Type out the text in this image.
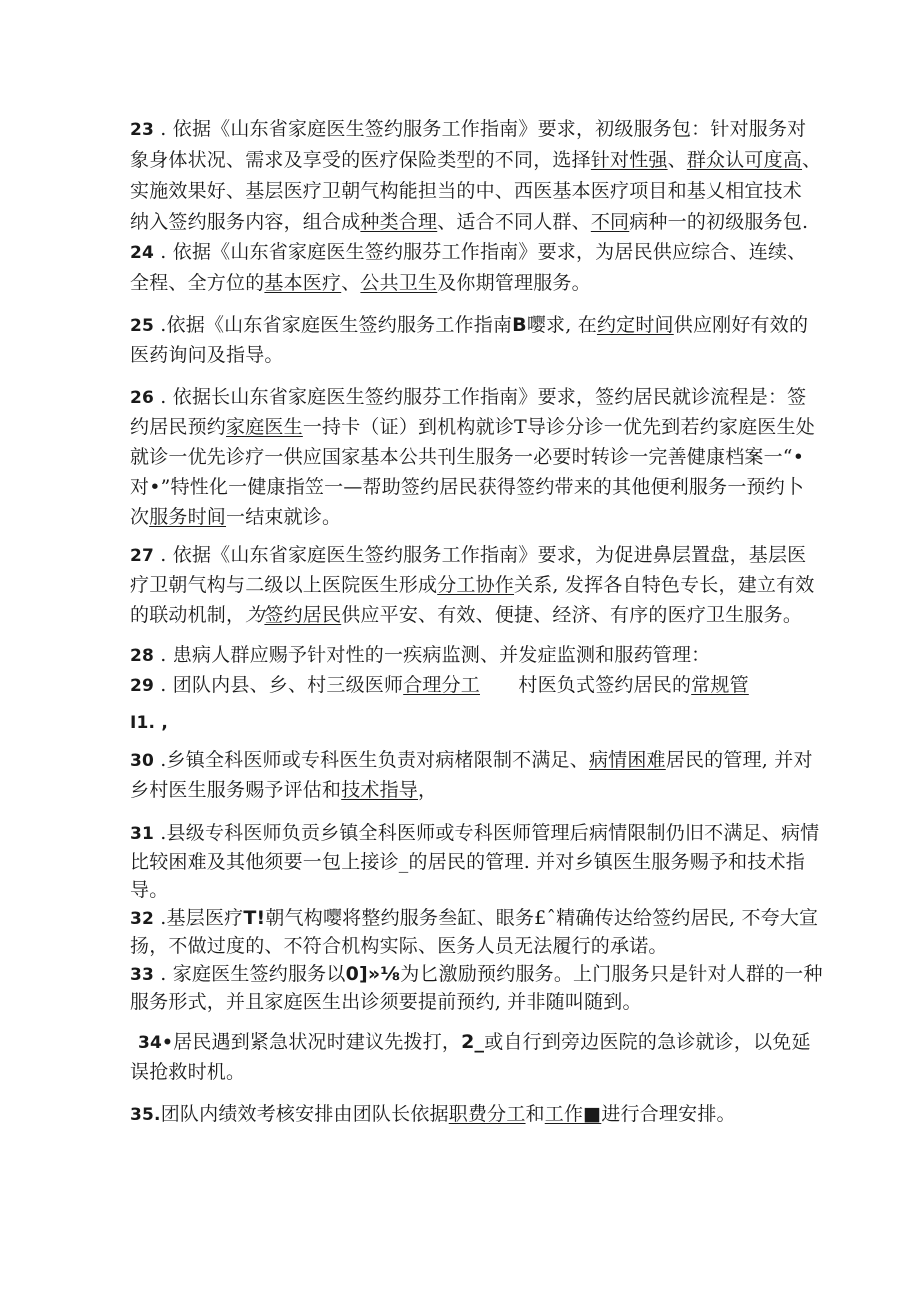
23 . 依据《山东省家庭医生签约服务工作指南》要求，初级服务包：针对服务对
象身体状况、需求及享受的医疗保险类型的不同，选择针对性强、群众认可度高、
实施效果好、基层医疗卫朝气构能担当的中、西医基本医疗项目和基乂相宜技术
纳入签约服务内容，组合成种类合理、适合不同人群、不同病种一的初级服务包.
24 . 依据《山东省家庭医生签约服芬工作指南》要求，为居民供应综合、连续、
全程、全方位的基本医疗、公共卫生及你期管理服务。
25 .依据《山东省家庭医生签约服务工作指南B嘤求, 在约定时间供应刚好有效的
医药询问及指导。
26 . 依据长山东省家庭医生签约服芬工作指南》要求，签约居民就诊流程是：签
约居民预约家庭医生一持卡（证）到机构就诊T导诊分诊一优先到若约家庭医生处
就诊一优先诊疗一供应国家基本公共刊生服务一必要时转诊一完善健康档案一“•
对•”特性化一健康指笠一—帮助签约居民获得签约带来的其他便利服务一预约卜
次服务时间一结束就诊。
27 . 依据《山东省家庭医生签约服务工作指南》要求，为促进鼻层置盘，基层医
疗卫朝气构与二级以上医院医生形成分工协作关系, 发挥各自特色专长，建立有效
的联动机制，为签约居民供应平安、有效、便捷、经济、有序的医疗卫生服务。
28 . 患病人群应赐予针对性的一疾病监测、并发症监测和服药管理：
29 . 团队内县、乡、村三级医师合理分工　　村医负式签约居民的常规管
I1. ,
30 .乡镇全科医师或专科医生负责对病楮限制不满足、病情困难居民的管理, 并对
乡村医生服务赐予评估和技术指导，
31 .县级专科医师负贡乡镇全科医师或专科医师管理后病情限制仍旧不满足、病情
比较困难及其他须要一包上接诊_的居民的管理. 并对乡镇医生服务赐予和技术指
导。
32 .基层医疗T!朝气构嘤将整约服务叁缸、眼务£ˆ精确传达给签约居民, 不夸大宣
扬，不做过度的、不符合机构实际、医务人员无法履行的承诺。
33 . 家庭医生签约服务以0]»⅛为匕激励预约服务。上门服务只是针对人群的一种
服务形式，并且家庭医生出诊须要提前预约, 并非随叫随到。
34•居民遇到紧急状况时建议先拨打，2_或自行到旁边医院的急诊就诊，以免延
误抢救时机。
35.团队内绩效考核安排由团队长依据职费分工和工作■进行合理安排。
